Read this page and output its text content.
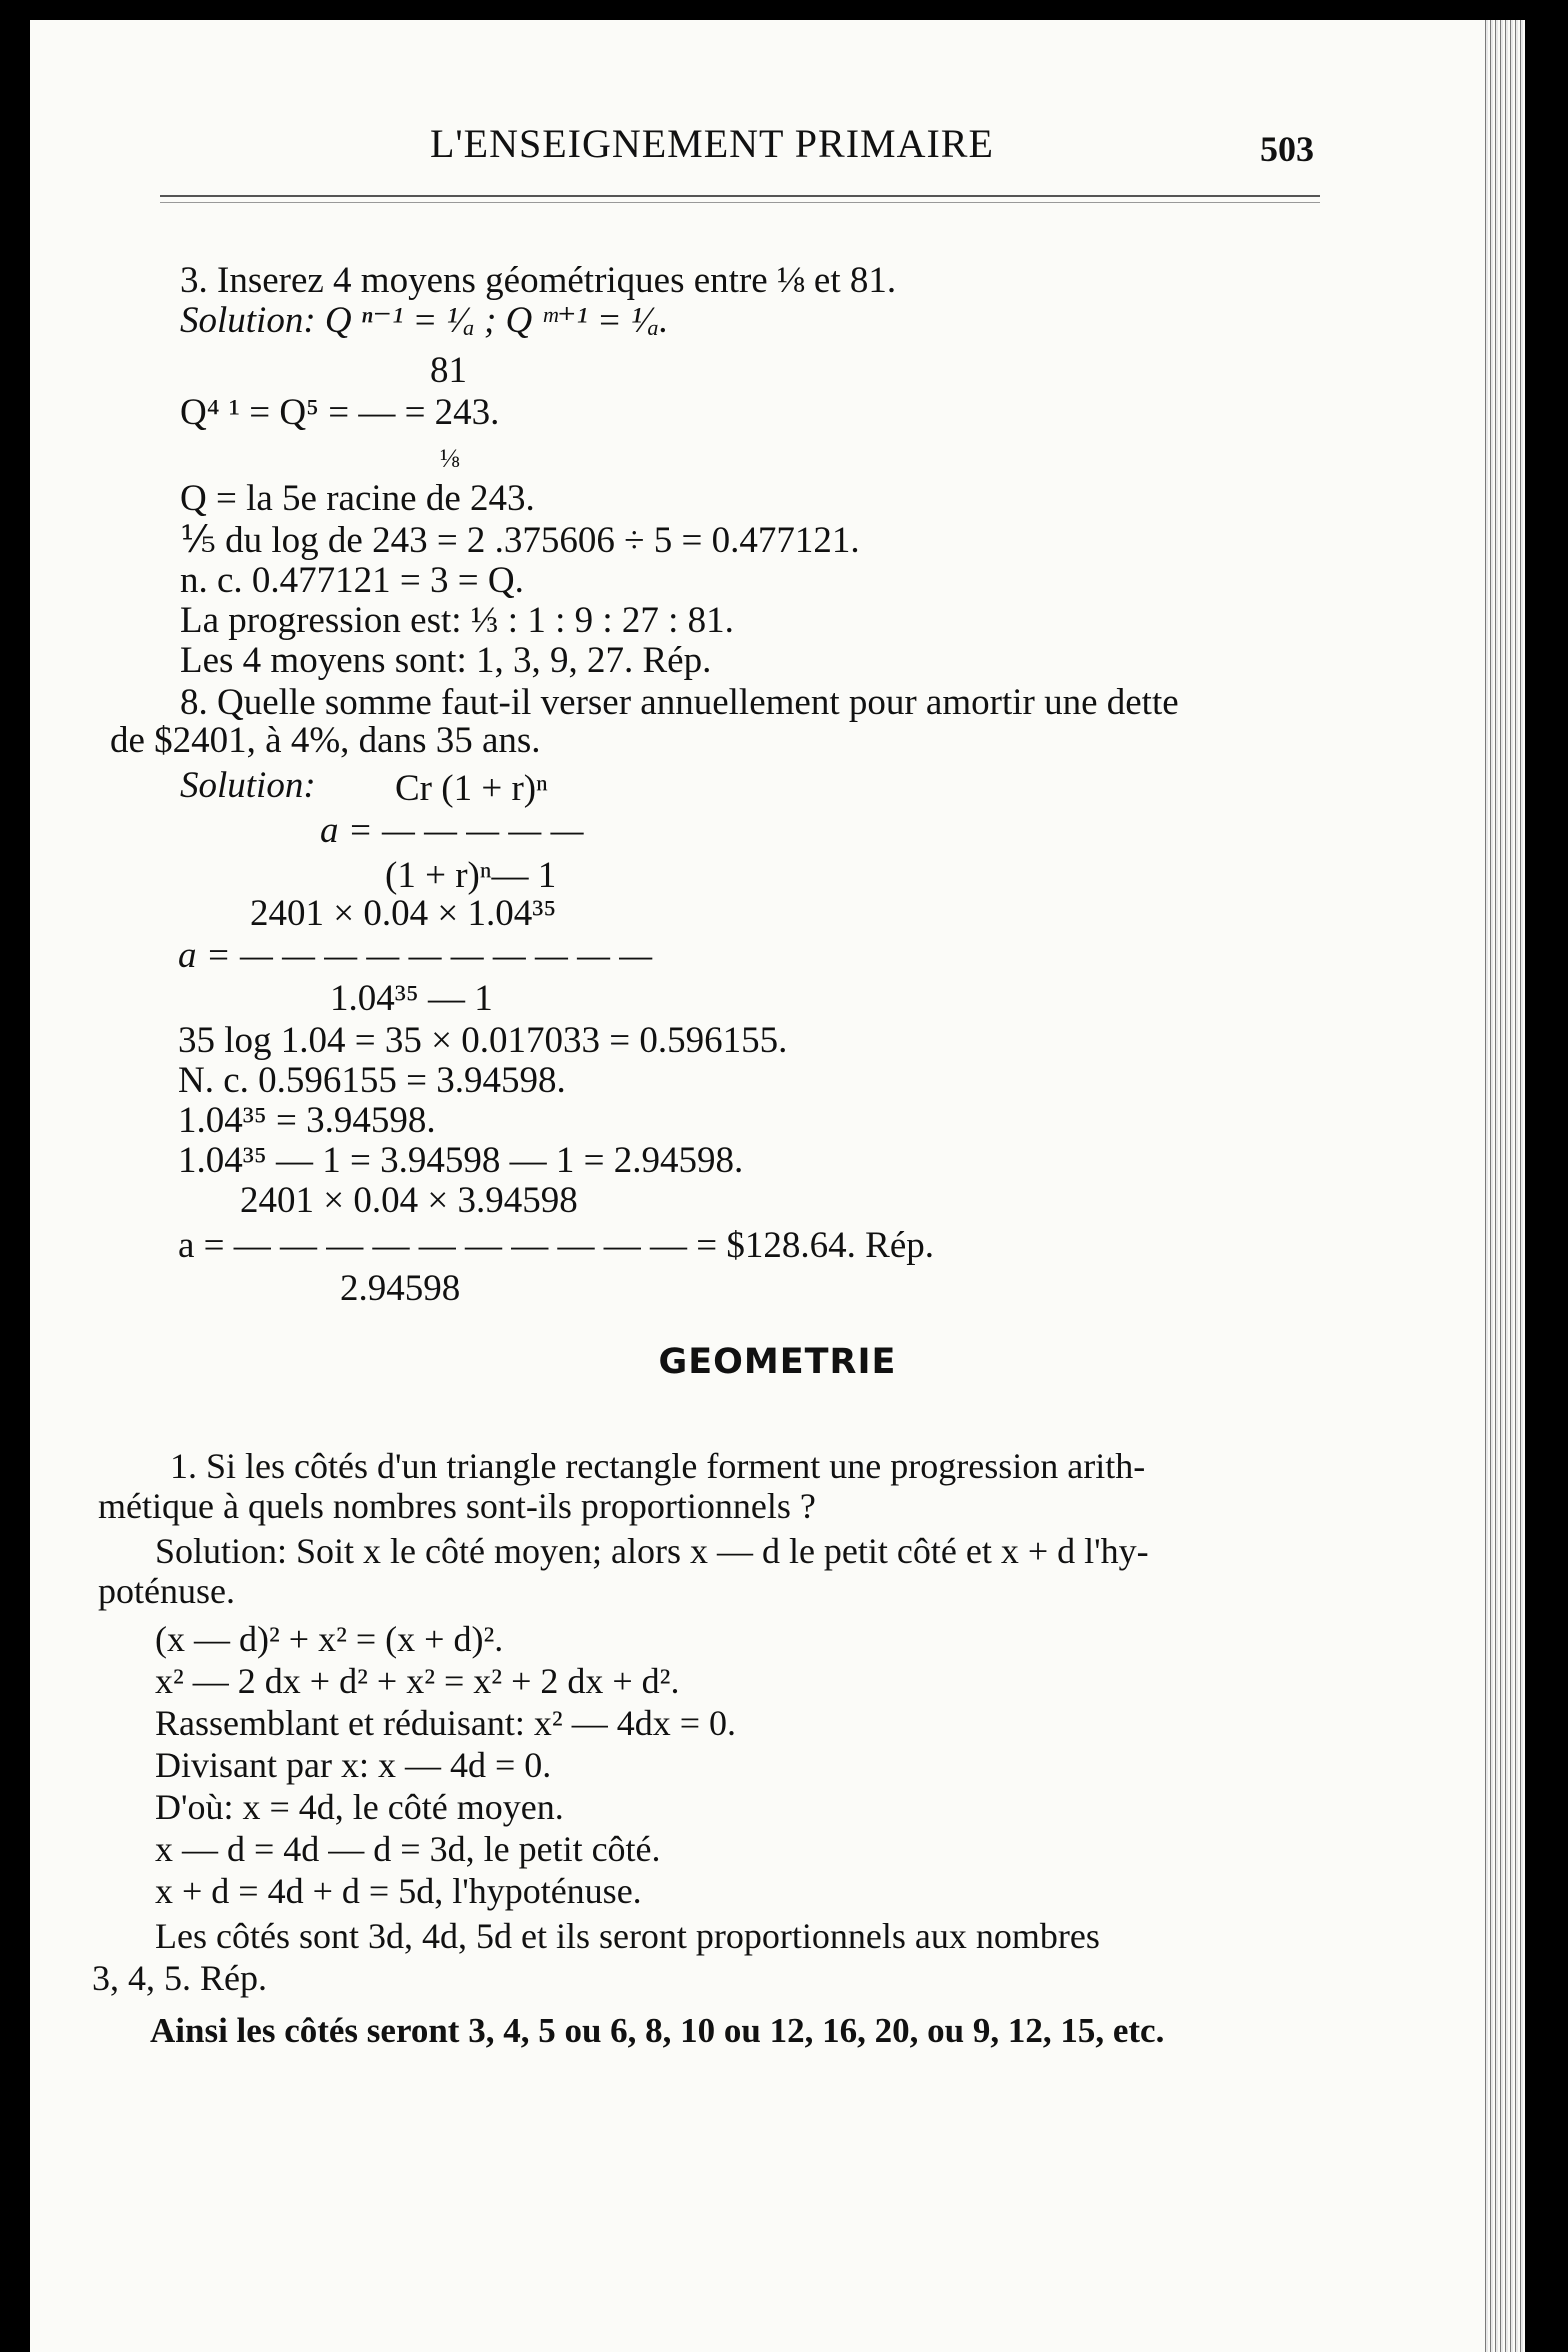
L'ENSEIGNEMENT PRIMAIRE	503
3. Inserez 4 moyens géométriques entre ⅛ et 81.
Solution: Q ⁿ⁻¹ = ¹⁄ₐ ; Q ᵐ⁺¹ = ¹⁄ₐ.
81
Q⁴ ¹ = Q⁵ = — = 243.
⅛
Q = la 5e racine de 243.
⅕ du log de 243 = 2 .375606 ÷ 5 = 0.477121.
n. c. 0.477121 = 3 = Q.
La progression est: ⅓ : 1 : 9 : 27 : 81.
Les 4 moyens sont: 1, 3, 9, 27. Rép.
8. Quelle somme faut-il verser annuellement pour amortir une dette
de $2401, à 4%, dans 35 ans.
Solution: Cr (1 + r)ⁿ
a = — — — — —
(1 + r)ⁿ— 1
2401 × 0.04 × 1.04³⁵
a = — — — — — — — — — —
1.04³⁵ — 1
35 log 1.04 = 35 × 0.017033 = 0.596155.
N. c. 0.596155 = 3.94598.
1.04³⁵ = 3.94598.
1.04³⁵ — 1 = 3.94598 — 1 = 2.94598.
2401 × 0.04 × 3.94598
a = — — — — — — — — — — = $128.64. Rép.
2.94598
GEOMETRIE
1. Si les côtés d'un triangle rectangle forment une progression arith-
métique à quels nombres sont-ils proportionnels ?
Solution: Soit x le côté moyen; alors x — d le petit côté et x + d l'hy-
poténuse.
(x — d)² + x² = (x + d)².
x² — 2 dx + d² + x² = x² + 2 dx + d².
Rassemblant et réduisant: x² — 4dx = 0.
Divisant par x: x — 4d = 0.
D'où: x = 4d, le côté moyen.
x — d = 4d — d = 3d, le petit côté.
x + d = 4d + d = 5d, l'hypoténuse.
Les côtés sont 3d, 4d, 5d et ils seront proportionnels aux nombres
3, 4, 5. Rép.
Ainsi les côtés seront 3, 4, 5 ou 6, 8, 10 ou 12, 16, 20, ou 9, 12, 15, etc.
